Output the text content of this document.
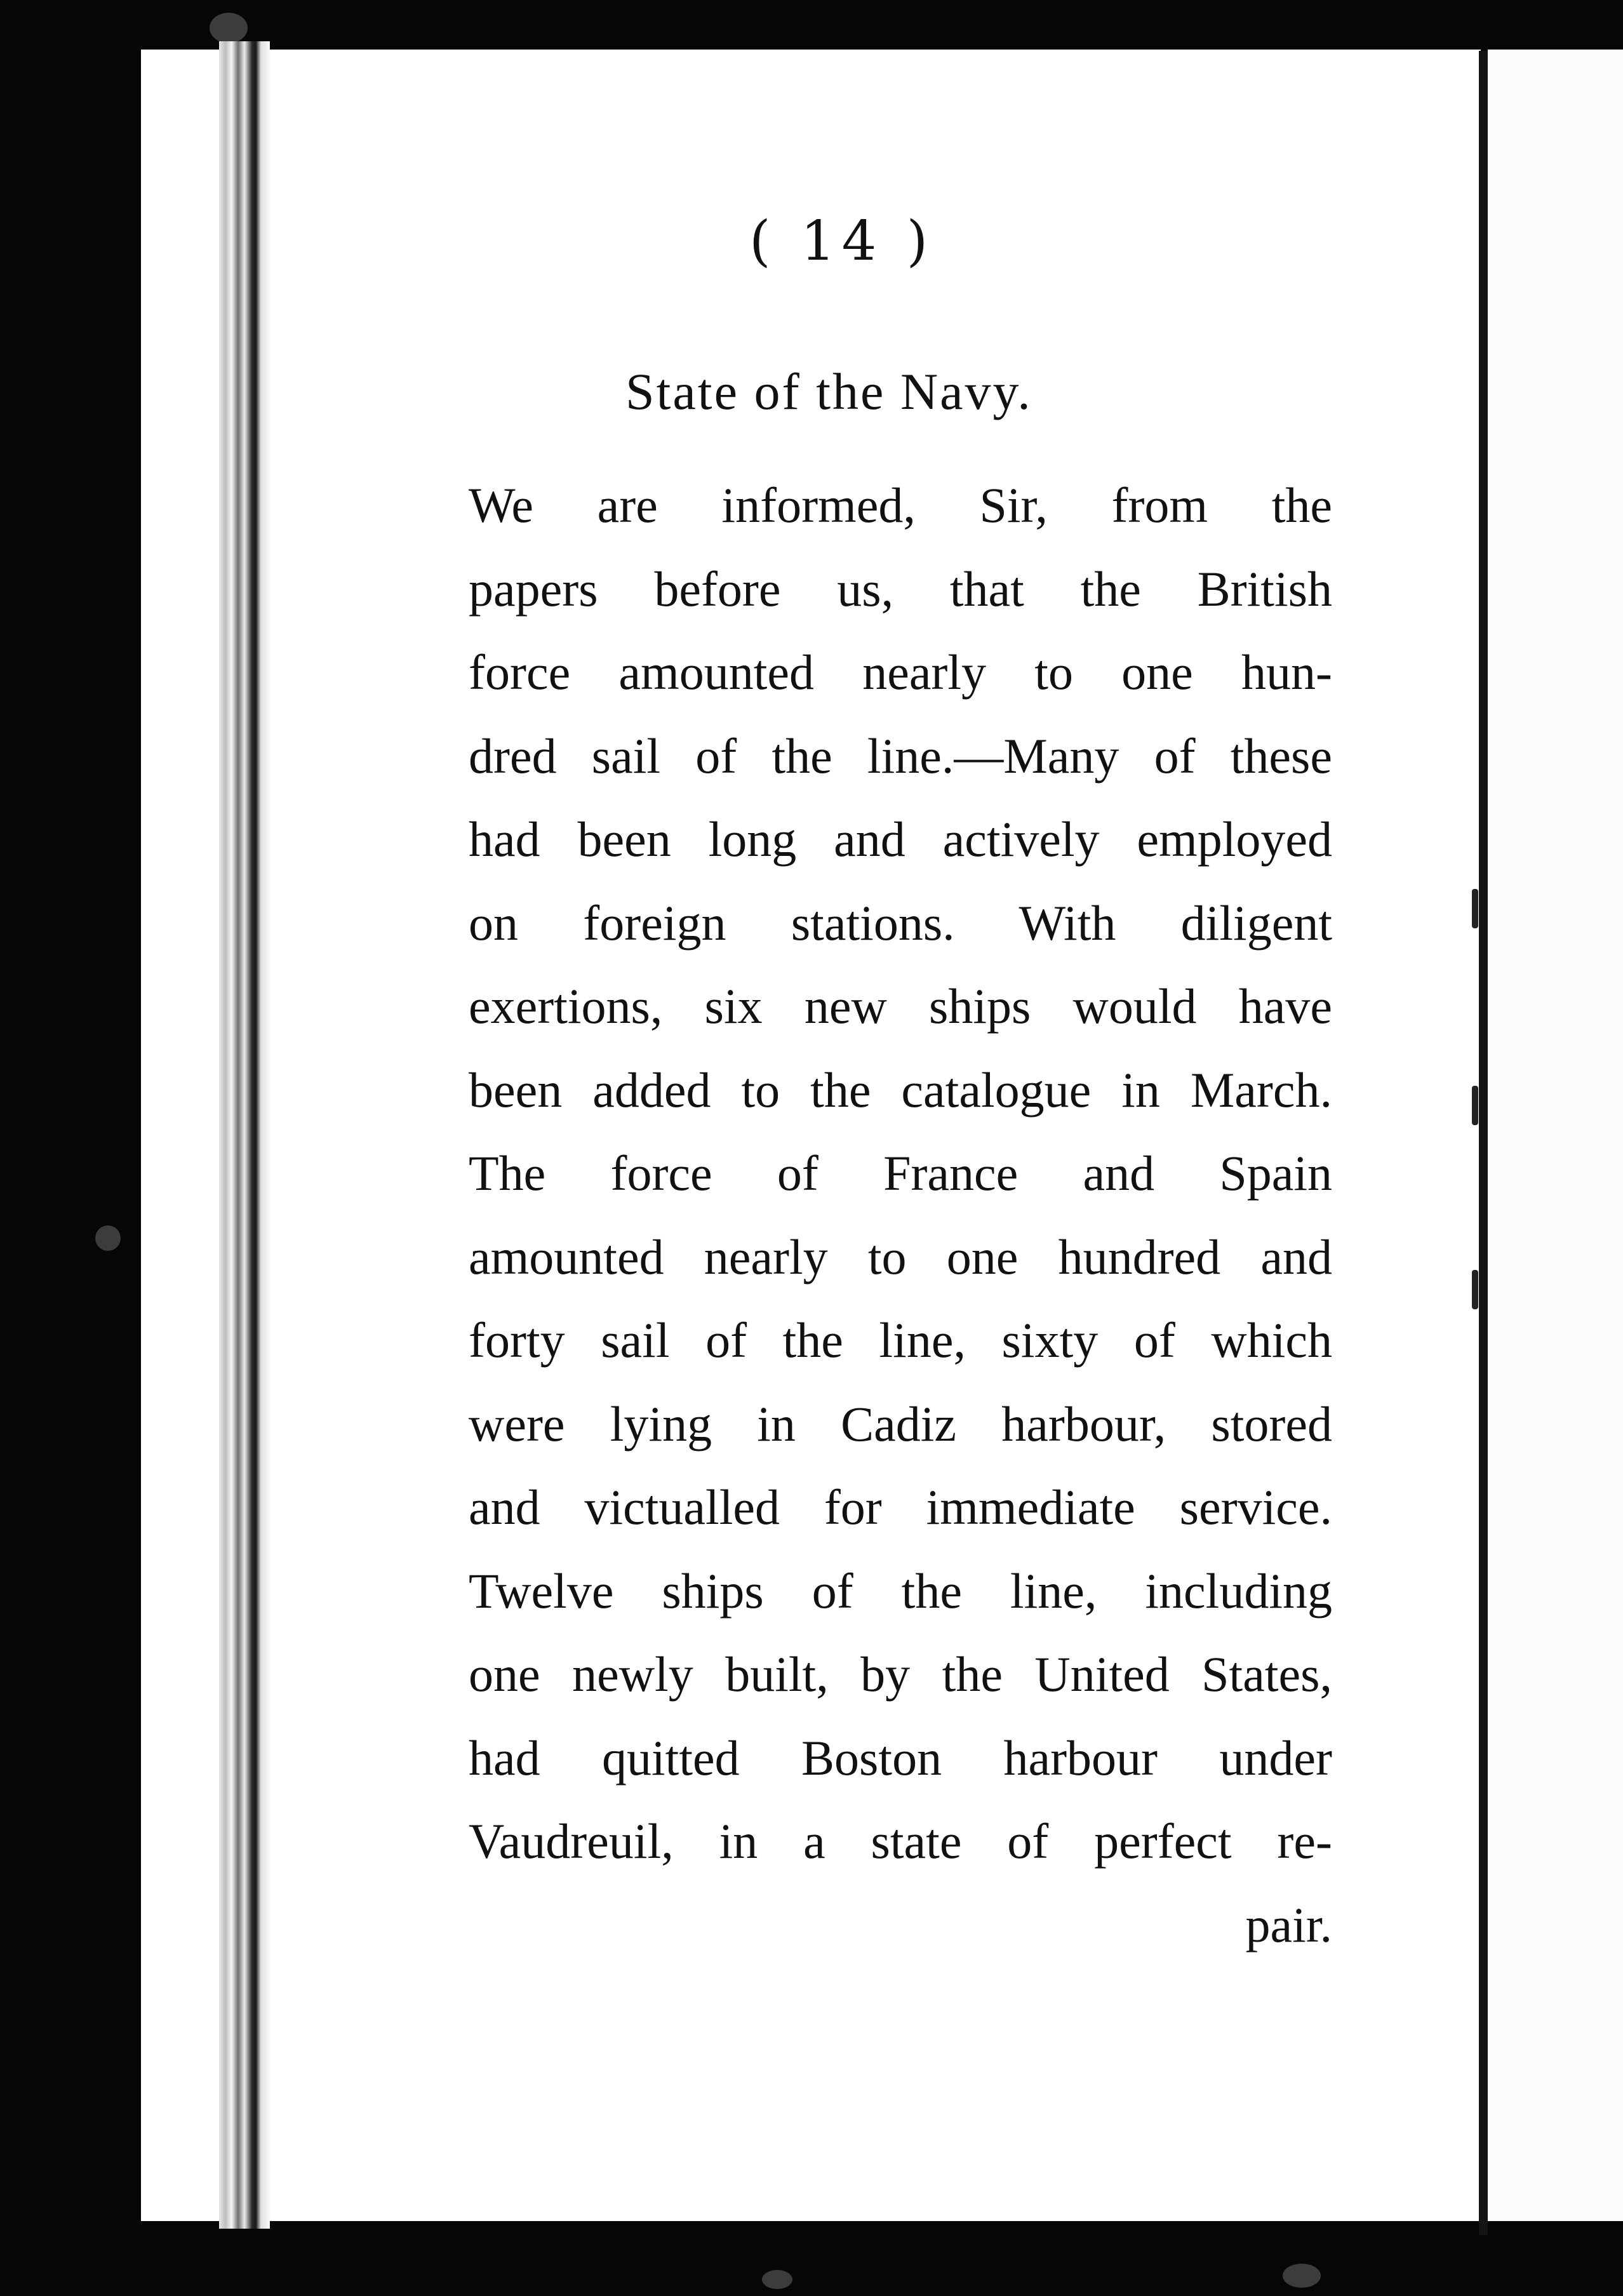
( 14 )
State of the Navy.
We are informed, Sir, from the
papers before us, that the British
force amounted nearly to one hun-
dred sail of the line.—Many of these
had been long and actively employed
on foreign stations. With diligent
exertions, six new ships would have
been added to the catalogue in March.
The force of France and Spain
amounted nearly to one hundred and
forty sail of the line, sixty of which
were lying in Cadiz harbour, stored
and victualled for immediate service.
Twelve ships of the line, including
one newly built, by the United States,
had quitted Boston harbour under
Vaudreuil, in a state of perfect re-
pair.
